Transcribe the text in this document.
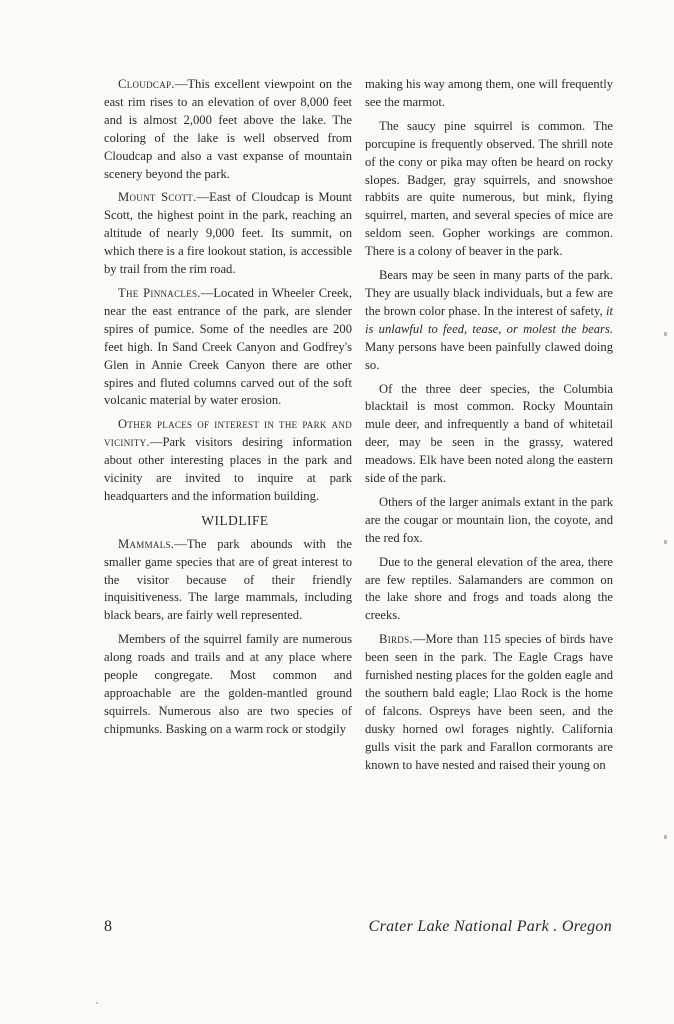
Cloudcap.—This excellent viewpoint on the east rim rises to an elevation of over 8,000 feet and is almost 2,000 feet above the lake. The coloring of the lake is well observed from Cloudcap and also a vast expanse of mountain scenery beyond the park.

Mount Scott.—East of Cloudcap is Mount Scott, the highest point in the park, reaching an altitude of nearly 9,000 feet. Its summit, on which there is a fire lookout station, is accessible by trail from the rim road.

The Pinnacles.—Located in Wheeler Creek, near the east entrance of the park, are slender spires of pumice. Some of the needles are 200 feet high. In Sand Creek Canyon and Godfrey's Glen in Annie Creek Canyon there are other spires and fluted columns carved out of the soft volcanic material by water erosion.

Other places of interest in the park and vicinity.—Park visitors desiring information about other interesting places in the park and vicinity are invited to inquire at park headquarters and the information building.

WILDLIFE

Mammals.—The park abounds with the smaller game species that are of great interest to the visitor because of their friendly inquisitiveness. The large mammals, including black bears, are fairly well represented.

Members of the squirrel family are numerous along roads and trails and at any place where people congregate. Most common and approachable are the golden-mantled ground squirrels. Numerous also are two species of chipmunks. Basking on a warm rock or stodgily

making his way among them, one will frequently see the marmot.

The saucy pine squirrel is common. The porcupine is frequently observed. The shrill note of the cony or pika may often be heard on rocky slopes. Badger, gray squirrels, and snowshoe rabbits are quite numerous, but mink, flying squirrel, marten, and several species of mice are seldom seen. Gopher workings are common. There is a colony of beaver in the park.

Bears may be seen in many parts of the park. They are usually black individuals, but a few are the brown color phase. In the interest of safety, it is unlawful to feed, tease, or molest the bears. Many persons have been painfully clawed doing so.

Of the three deer species, the Columbia blacktail is most common. Rocky Mountain mule deer, and infrequently a band of whitetail deer, may be seen in the grassy, watered meadows. Elk have been noted along the eastern side of the park.

Others of the larger animals extant in the park are the cougar or mountain lion, the coyote, and the red fox.

Due to the general elevation of the area, there are few reptiles. Salamanders are common on the lake shore and frogs and toads along the creeks.

Birds.—More than 115 species of birds have been seen in the park. The Eagle Crags have furnished nesting places for the golden eagle and the southern bald eagle; Llao Rock is the home of falcons. Ospreys have been seen, and the dusky horned owl forages nightly. California gulls visit the park and Farallon cormorants are known to have nested and raised their young on

8	Crater Lake National Park . Oregon
